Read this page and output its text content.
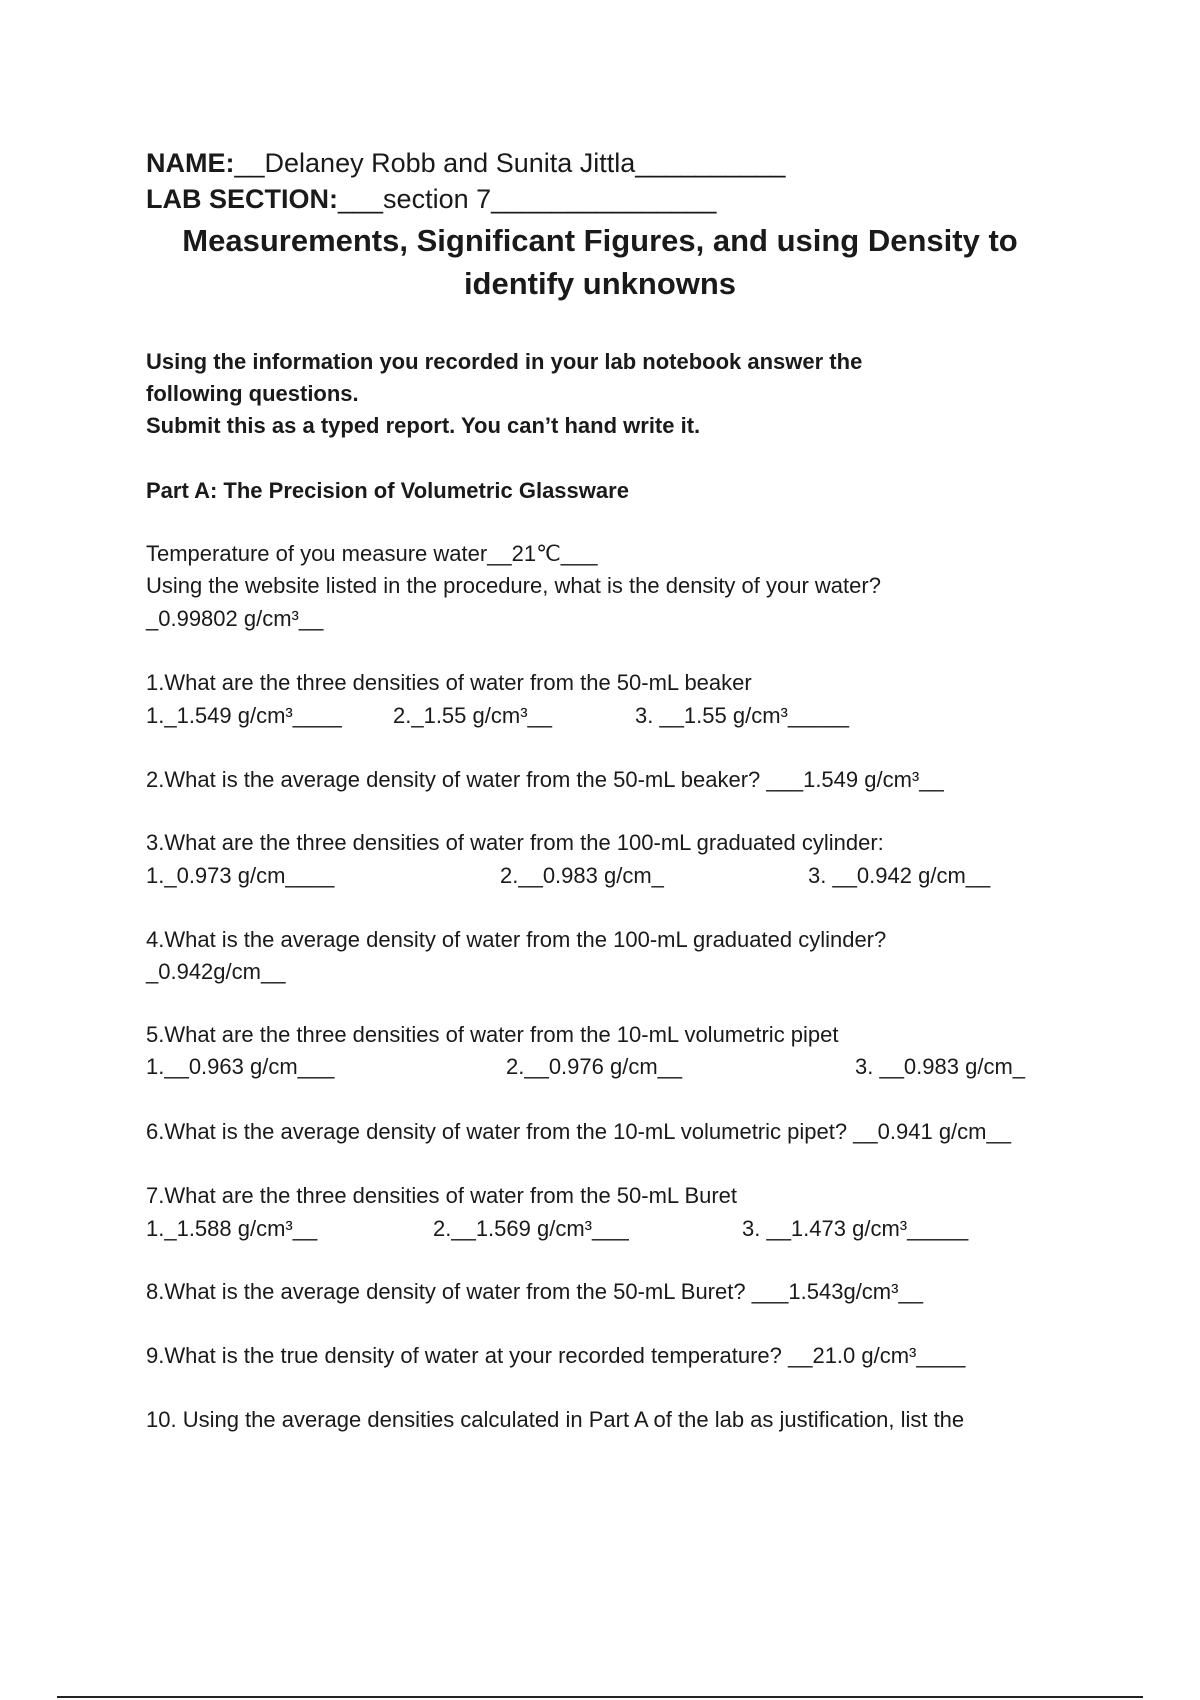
NAME:__Delaney Robb and Sunita Jittla__________
LAB SECTION:___section 7_______________
Measurements, Significant Figures, and using Density to
identify unknowns
Using the information you recorded in your lab notebook answer the
following questions.
Submit this as a typed report. You can’t hand write it.
Part A: The Precision of Volumetric Glassware
Temperature of you measure water__21℃___
Using the website listed in the procedure, what is the density of your water?
_0.99802 g/cm³__
1.What are the three densities of water from the 50-mL beaker
1._1.549 g/cm³____ 2._1.55 g/cm³__	3. __1.55 g/cm³_____
2.What is the average density of water from the 50-mL beaker? ___1.549 g/cm³__
3.What are the three densities of water from the 100-mL graduated cylinder:
1._0.973 g/cm____	2.__0.983 g/cm_	3. __0.942 g/cm__
4.What is the average density of water from the 100-mL graduated cylinder?
_0.942g/cm__
5.What are the three densities of water from the 10-mL volumetric pipet
1.__0.963 g/cm___	2.__0.976 g/cm__	3. __0.983 g/cm_
6.What is the average density of water from the 10-mL volumetric pipet? __0.941 g/cm__
7.What are the three densities of water from the 50-mL Buret
1._1.588 g/cm³__	2.__1.569 g/cm³___	3. __1.473 g/cm³_____
8.What is the average density of water from the 50-mL Buret? ___1.543g/cm³__
9.What is the true density of water at your recorded temperature? __21.0 g/cm³____
10. Using the average densities calculated in Part A of the lab as justification, list the
